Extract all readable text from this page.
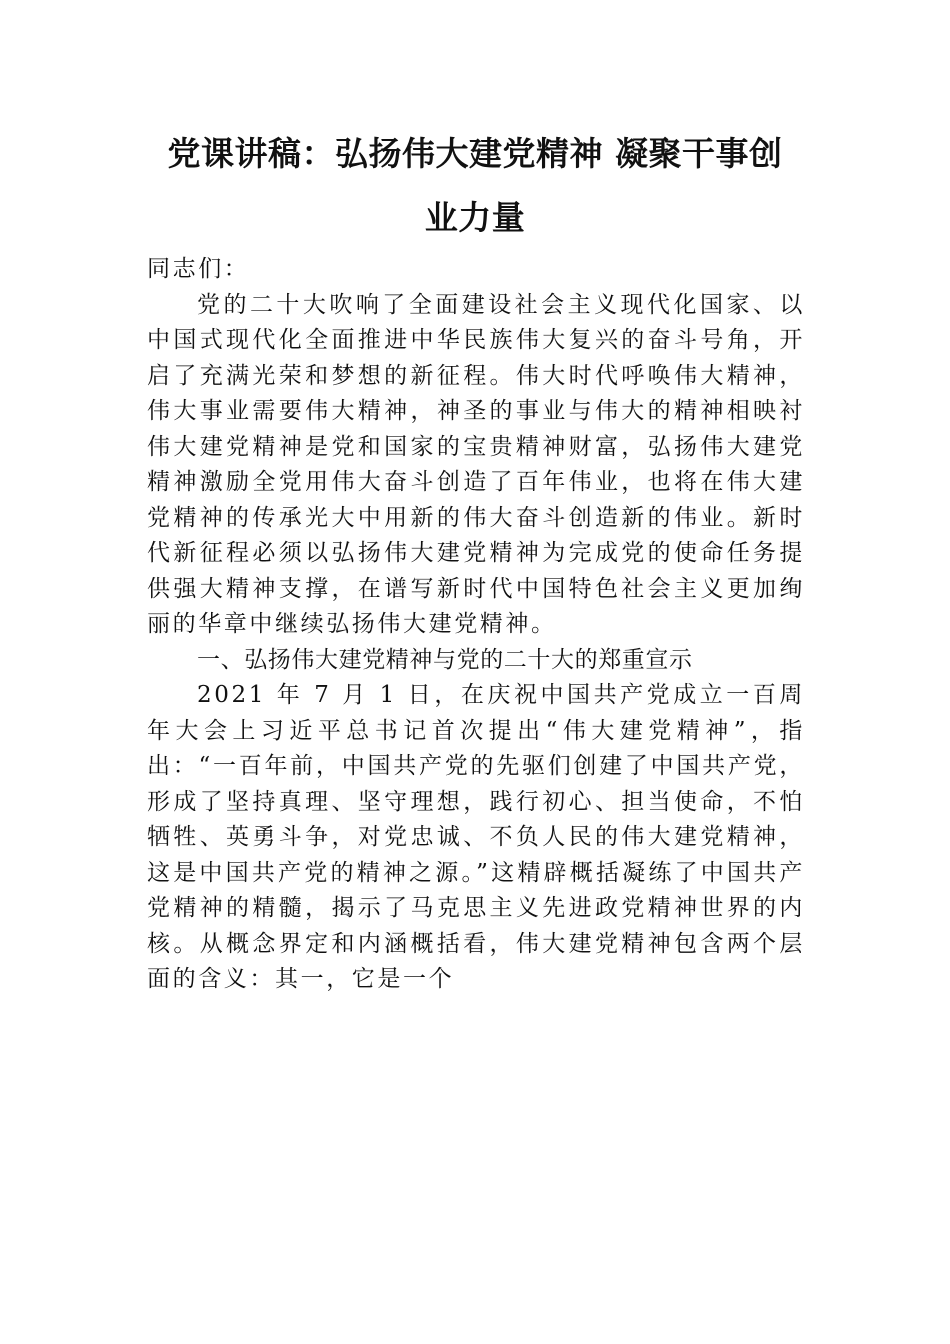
党课讲稿：弘扬伟大建党精神 凝聚干事创
业力量

同志们：

党的二十大吹响了全面建设社会主义现代化国家、以中国式现代化全面推进中华民族伟大复兴的奋斗号角，开启了充满光荣和梦想的新征程。伟大时代呼唤伟大精神，伟大事业需要伟大精神，神圣的事业与伟大的精神相映衬伟大建党精神是党和国家的宝贵精神财富，弘扬伟大建党精神激励全党用伟大奋斗创造了百年伟业，也将在伟大建党精神的传承光大中用新的伟大奋斗创造新的伟业。新时代新征程必须以弘扬伟大建党精神为完成党的使命任务提供强大精神支撑，在谱写新时代中国特色社会主义更加绚丽的华章中继续弘扬伟大建党精神。

一、弘扬伟大建党精神与党的二十大的郑重宣示

2021 年 7 月 1 日，在庆祝中国共产党成立一百周年大会上习近平总书记首次提出“伟大建党精神”，指出：“一百年前，中国共产党的先驱们创建了中国共产党，形成了坚持真理、坚守理想，践行初心、担当使命，不怕牺牲、英勇斗争，对党忠诚、不负人民的伟大建党精神，这是中国共产党的精神之源。”这精辟概括凝练了中国共产党精神的精髓，揭示了马克思主义先进政党精神世界的内核。从概念界定和内涵概括看，伟大建党精神包含两个层面的含义：其一，它是一个
